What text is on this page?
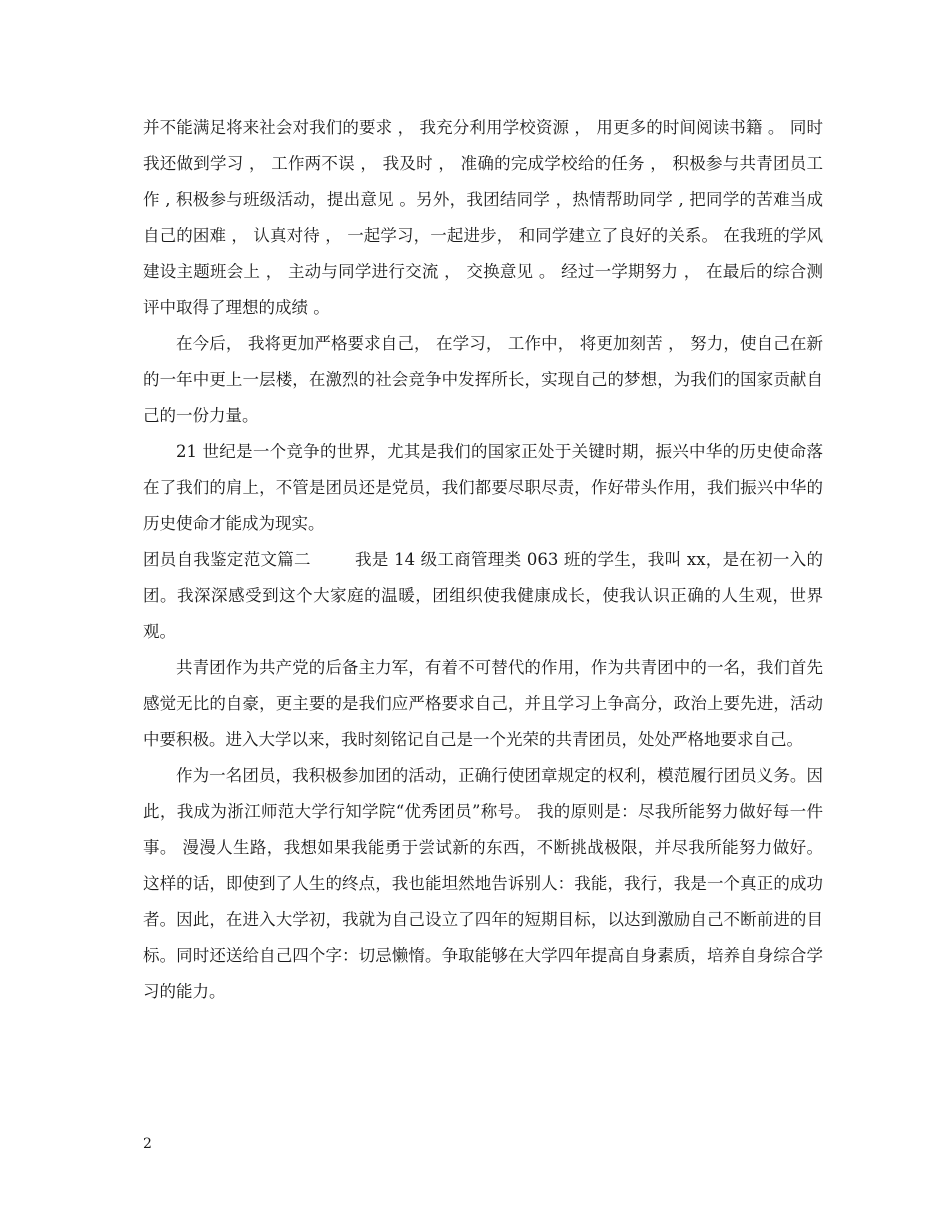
并不能满足将来社会对我们的要求 ， 我充分利用学校资源 ， 用更多的时间阅读书籍 。 同时我还做到学习 ， 工作两不误 ， 我及时 ， 准确的完成学校给的任务 ， 积极参与共青团员工作 , 积极参与班级活动，提出意见 。另外，我团结同学 ，热情帮助同学 , 把同学的苦难当成自己的困难 ， 认真对待 ， 一起学习，一起进步， 和同学建立了良好的关系。 在我班的学风建设主题班会上 ， 主动与同学进行交流 ， 交换意见 。 经过一学期努力 ， 在最后的综合测评中取得了理想的成绩 。

在今后， 我将更加严格要求自己， 在学习， 工作中， 将更加刻苦 ， 努力，使自己在新的一年中更上一层楼，在激烈的社会竞争中发挥所长，实现自己的梦想，为我们的国家贡献自己的一份力量。

21 世纪是一个竞争的世界，尤其是我们的国家正处于关键时期，振兴中华的历史使命落在了我们的肩上，不管是团员还是党员，我们都要尽职尽责，作好带头作用，我们振兴中华的历史使命才能成为现实。

团员自我鉴定范文篇二        我是 14 级工商管理类 063 班的学生，我叫 xx，是在初一入的团。我深深感受到这个大家庭的温暖，团组织使我健康成长，使我认识正确的人生观，世界观。

共青团作为共产党的后备主力军，有着不可替代的作用，作为共青团中的一名，我们首先感觉无比的自豪，更主要的是我们应严格要求自己，并且学习上争高分，政治上要先进，活动中要积极。进入大学以来，我时刻铭记自己是一个光荣的共青团员，处处严格地要求自己。

作为一名团员，我积极参加团的活动，正确行使团章规定的权利，模范履行团员义务。因此，我成为浙江师范大学行知学院“优秀团员”称号。 我的原则是：尽我所能努力做好每一件事。 漫漫人生路，我想如果我能勇于尝试新的东西，不断挑战极限，并尽我所能努力做好。这样的话，即使到了人生的终点，我也能坦然地告诉别人：我能，我行，我是一个真正的成功者。因此，在进入大学初，我就为自己设立了四年的短期目标，以达到激励自己不断前进的目标。同时还送给自己四个字：切忌懒惰。争取能够在大学四年提高自身素质，培养自身综合学习的能力。

2
